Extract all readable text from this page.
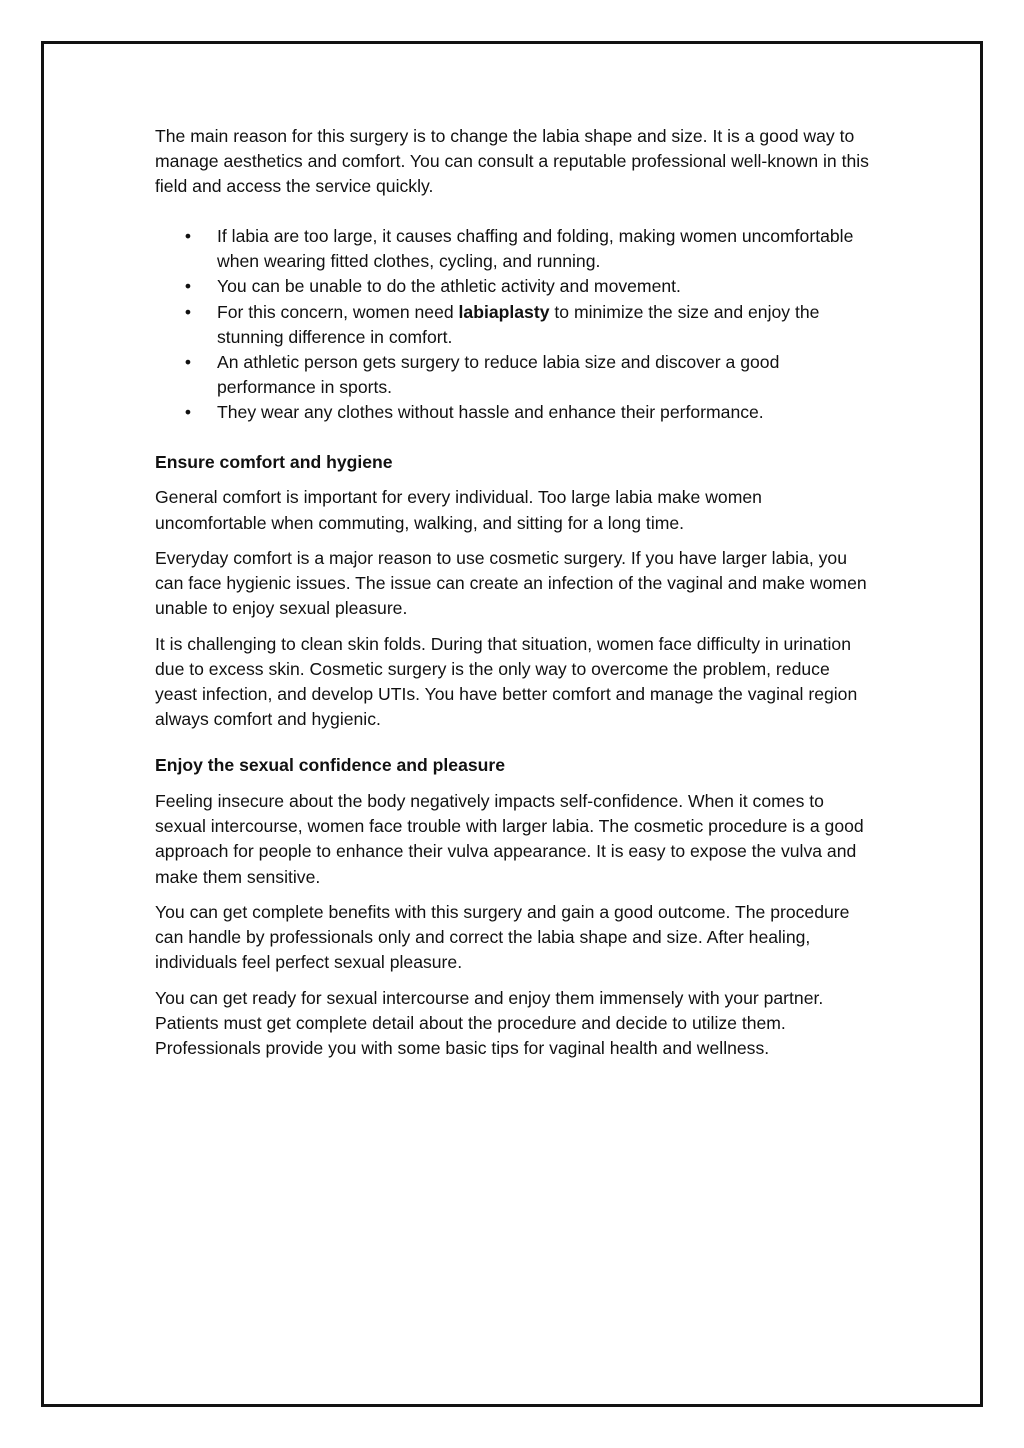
The main reason for this surgery is to change the labia shape and size. It is a good way to manage aesthetics and comfort. You can consult a reputable professional well-known in this field and access the service quickly.

• If labia are too large, it causes chaffing and folding, making women uncomfortable when wearing fitted clothes, cycling, and running.
• You can be unable to do the athletic activity and movement.
• For this concern, women need labiaplasty to minimize the size and enjoy the stunning difference in comfort.
• An athletic person gets surgery to reduce labia size and discover a good performance in sports.
• They wear any clothes without hassle and enhance their performance.
Ensure comfort and hygiene

General comfort is important for every individual. Too large labia make women uncomfortable when commuting, walking, and sitting for a long time.

Everyday comfort is a major reason to use cosmetic surgery. If you have larger labia, you can face hygienic issues. The issue can create an infection of the vaginal and make women unable to enjoy sexual pleasure.

It is challenging to clean skin folds. During that situation, women face difficulty in urination due to excess skin. Cosmetic surgery is the only way to overcome the problem, reduce yeast infection, and develop UTIs. You have better comfort and manage the vaginal region always comfort and hygienic.

Enjoy the sexual confidence and pleasure

Feeling insecure about the body negatively impacts self-confidence. When it comes to sexual intercourse, women face trouble with larger labia. The cosmetic procedure is a good approach for people to enhance their vulva appearance. It is easy to expose the vulva and make them sensitive.

You can get complete benefits with this surgery and gain a good outcome. The procedure can handle by professionals only and correct the labia shape and size. After healing, individuals feel perfect sexual pleasure.

You can get ready for sexual intercourse and enjoy them immensely with your partner. Patients must get complete detail about the procedure and decide to utilize them. Professionals provide you with some basic tips for vaginal health and wellness.
